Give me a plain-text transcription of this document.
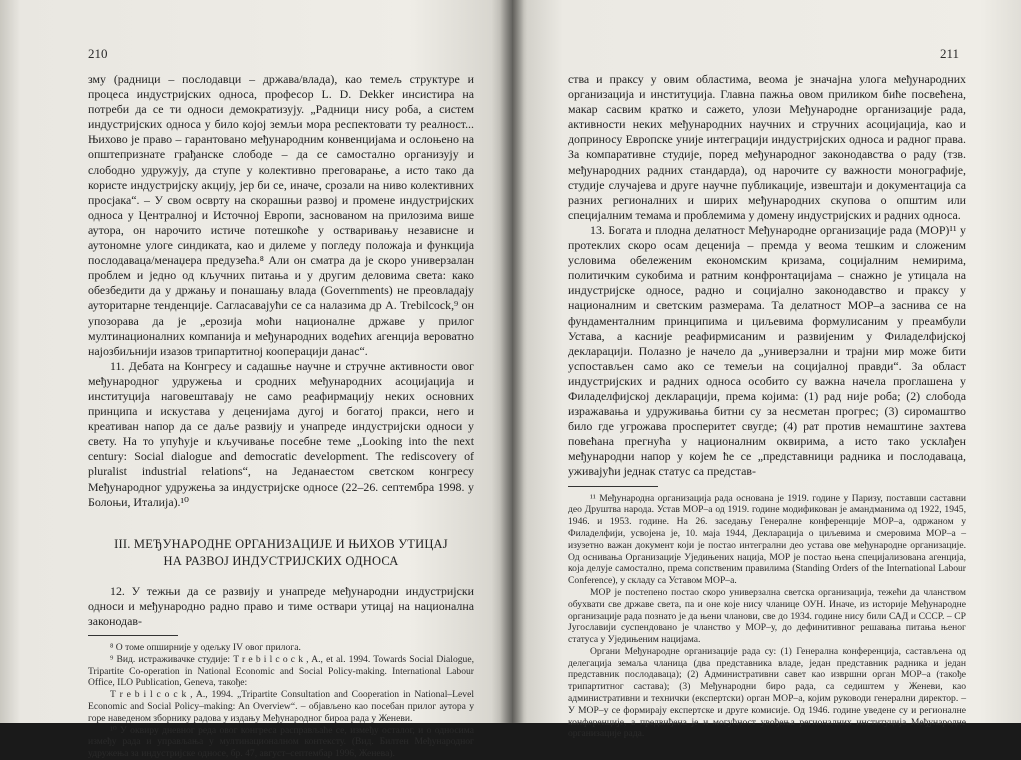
210

зму (радници – послодавци – држава/влада), као темељ структуре и процеса индустријских односа, професор L. D. Dekker инсистира на потреби да се ти односи демократизују. „Радници нису роба, а систем индустријских односа у било којој земљи мора респектовати ту реалност... Њихово је право – гарантовано међународним конвенцијама и ослоњено на општепризнате грађанске слободе – да се самостално организују и слободно удружују, да ступе у колективно преговарање, а исто тако да користе индустријску акцију, јер би се, иначе, срозали на ниво колективних просјака“. – У свом осврту на скорашњи развој и промене индустријских односа у Централној и Источној Европи, заснованом на прилозима више аутора, он нарочито истиче потешкоће у остваривању независне и аутономне улоге синдиката, као и дилеме у погледу положаја и функција послодаваца/менаџера предузећа.⁸ Али он сматра да је скоро универзалан проблем и једно од кључних питања и у другим деловима света: како обезбедити да у држању и понашању влада (Governments) не преовладају ауторитарне тенденције. Сагласавајући се са налазима др A. Trebilcock,⁹ он упозорава да је „ерозија моћи националне државе у прилог мултинационалних компанија и међународних водећих агенција вероватно најозбиљнији изазов трипартитној кооперацији данас“.

11. Дебата на Конгресу и садашње научне и стручне активности овог међународног удружења и сродних међународних асоцијација и институција наговештавају не само реафирмацију неких основних принципа и искустава у деценијама дугој и богатој пракси, него и креативан напор да се даље развију и унапреде индустријски односи у свету. На то упућује и кључивање посебне теме „Looking into the next century: Social dialogue and democratic development. The rediscovery of pluralist industrial relations“, на Једанаестом светском конгресу Међународног удружења за индустријске односе (22–26. септембра 1998. у Болоњи, Италија).¹⁰

III. МЕЂУНАРОДНЕ ОРГАНИЗАЦИЈЕ И ЊИХОВ УТИЦАЈ
НА РАЗВОЈ ИНДУСТРИЈСКИХ ОДНОСА

12. У тежњи да се развију и унапреде међународни индустријски односи и међународно радно право и тиме оствари утицај на национална законодав-

⁸ О томе опширније у одељку IV овог прилога.

⁹ Вид. истраживачке студије: T r e b i l c o c k , A., et al. 1994. Towards Social Dialogue, Tripartite Co-operation in National Economic and Social Policy-making. International Labour Office, ILO Publication, Geneva, такође:

T r e b i l c o c k , A., 1994. „Tripartite Consultation and Cooperation in National–Level Economic and Social Policy–making: An Overview“. – објављено као посебан прилог аутора у горе наведеном зборнику радова у издању Међународног бироа рада у Женеви.

¹⁰ У оквиру дневног реда овог конгреса расправљаће се, између осталог, и о односима између рада и управљања у мултинационалном контексту. (Вид. Билтен Међународног удружења за индустријске односе, бр. 47, август–септембар 1996, Женева).

211

ства и праксу у овим областима, веома је значајна улога међународних организација и институција. Главна пажња овом приликом биће посвећена, макар сасвим кратко и сажето, улози Међународне организације рада, активности неких међународних научних и стручних асоцијација, као и доприносу Европске уније интеграцији индустријских односа и радног права. За компаративне студије, поред међународног законодавства о раду (тзв. међународних радних стандарда), од нарочите су важности монографије, студије случајева и друге научне публикације, извештаји и документација са разних регионалних и ширих међународних скупова о општим или специјалним темама и проблемима у домену индустријских и радних односа.

13. Богата и плодна делатност Међународне организације рада (МОР)¹¹ у протеклих скоро осам деценија – премда у веома тешким и сложеним условима обележеним економским кризама, социјалним немирима, политичким сукобима и ратним конфронтацијама – снажно је утицала на индустријске односе, радно и социјално законодавство и праксу у националним и светским размерама. Та делатност МОР–а заснива се на фундаменталним принципима и циљевима формулисаним у преамбули Устава, а касније реафирмисаним и развијеним у Филаделфијској декларацији. Полазно је начело да „универзални и трајни мир може бити успостављен само ако се темељи на социјалној правди“. За област индустријских и радних односа особито су важна начела проглашена у Филаделфијској декларацији, према којима: (1) рад није роба; (2) слобода изражавања и удруживања битни су за несметан прогрес; (3) сиромаштво било где угрожава просперитет свугде; (4) рат против немаштине захтева повећана прегнућа у националним оквирима, а исто тако усклађен међународни напор у којем ће се „представници радника и послодаваца, уживајући једнак статус са представ-

¹¹ Међународна организација рада основана је 1919. године у Паризу, поставши саставни део Друштва народа. Устав МОР–а од 1919. године модификован је амандманима од 1922, 1945, 1946. и 1953. године. На 26. заседању Генералне конференције МОР–а, одржаном у Филаделфији, усвојена је, 10. маја 1944, Декларација о циљевима и смеровима МОР–а – изузетно важан документ који је постао интегрални део устава ове међународне организације. Од оснивања Организације Уједињених нација, МОР је постао њена специјализована агенција, која делује самостално, према сопственим правилима (Standing Orders of the International Labour Conference), у складу са Уставом МОР–а.

МОР је постепено постао скоро универзална светска организација, тежећи да чланством обухвати све државе света, па и оне које нису чланице ОУН. Иначе, из историје Међународне организације рада познато је да њени чланови, све до 1934. године нису били САД и СССР. – СР Југославији суспендовано је чланство у МОР–у, до дефинитивног решавања питања њеног статуса у Уједињеним нацијама.

Органи Међународне организације рада су: (1) Генерална конференција, састављена од делегација земаља чланица (два представника владе, један представник радника и један представник послодаваца); (2) Административни савет као извршни орган МОР–а (такође трипартитног састава); (3) Међународни биро рада, са седиштем у Женеви, као административни и технички (експертски) орган МОР–а, којим руководи генерални директор. – У МОР–у се формирају експертске и друге комисије. Од 1946. године уведене су и регионалне конференције, а предвиђена је и могућност увођења регионалних институција Међународне организације рада.
